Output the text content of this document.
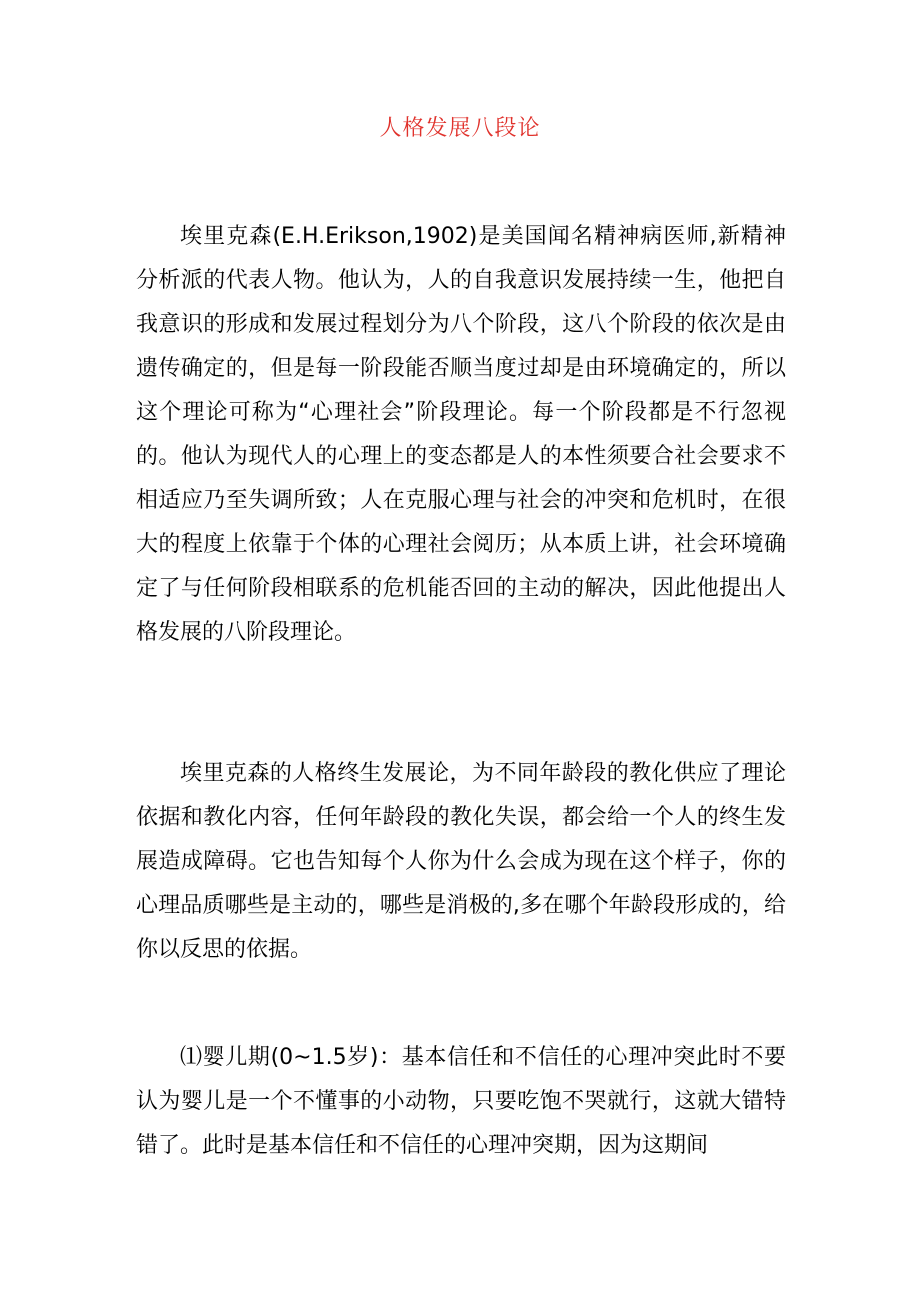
人格发展八段论

埃里克森(E.H.Erikson,1902)是美国闻名精神病医师,新精神分析派的代表人物。他认为，人的自我意识发展持续一生，他把自我意识的形成和发展过程划分为八个阶段，这八个阶段的依次是由遗传确定的，但是每一阶段能否顺当度过却是由环境确定的，所以这个理论可称为“心理社会”阶段理论。每一个阶段都是不行忽视的。他认为现代人的心理上的变态都是人的本性须要合社会要求不相适应乃至失调所致；人在克服心理与社会的冲突和危机时，在很大的程度上依靠于个体的心理社会阅历；从本质上讲，社会环境确定了与任何阶段相联系的危机能否回的主动的解决，因此他提出人格发展的八阶段理论。

埃里克森的人格终生发展论，为不同年龄段的教化供应了理论依据和教化内容，任何年龄段的教化失误，都会给一个人的终生发展造成障碍。它也告知每个人你为什么会成为现在这个样子，你的心理品质哪些是主动的，哪些是消极的,多在哪个年龄段形成的，给你以反思的依据。

⑴婴儿期(0~1.5岁)：基本信任和不信任的心理冲突此时不要认为婴儿是一个不懂事的小动物，只要吃饱不哭就行，这就大错特错了。此时是基本信任和不信任的心理冲突期，因为这期间
